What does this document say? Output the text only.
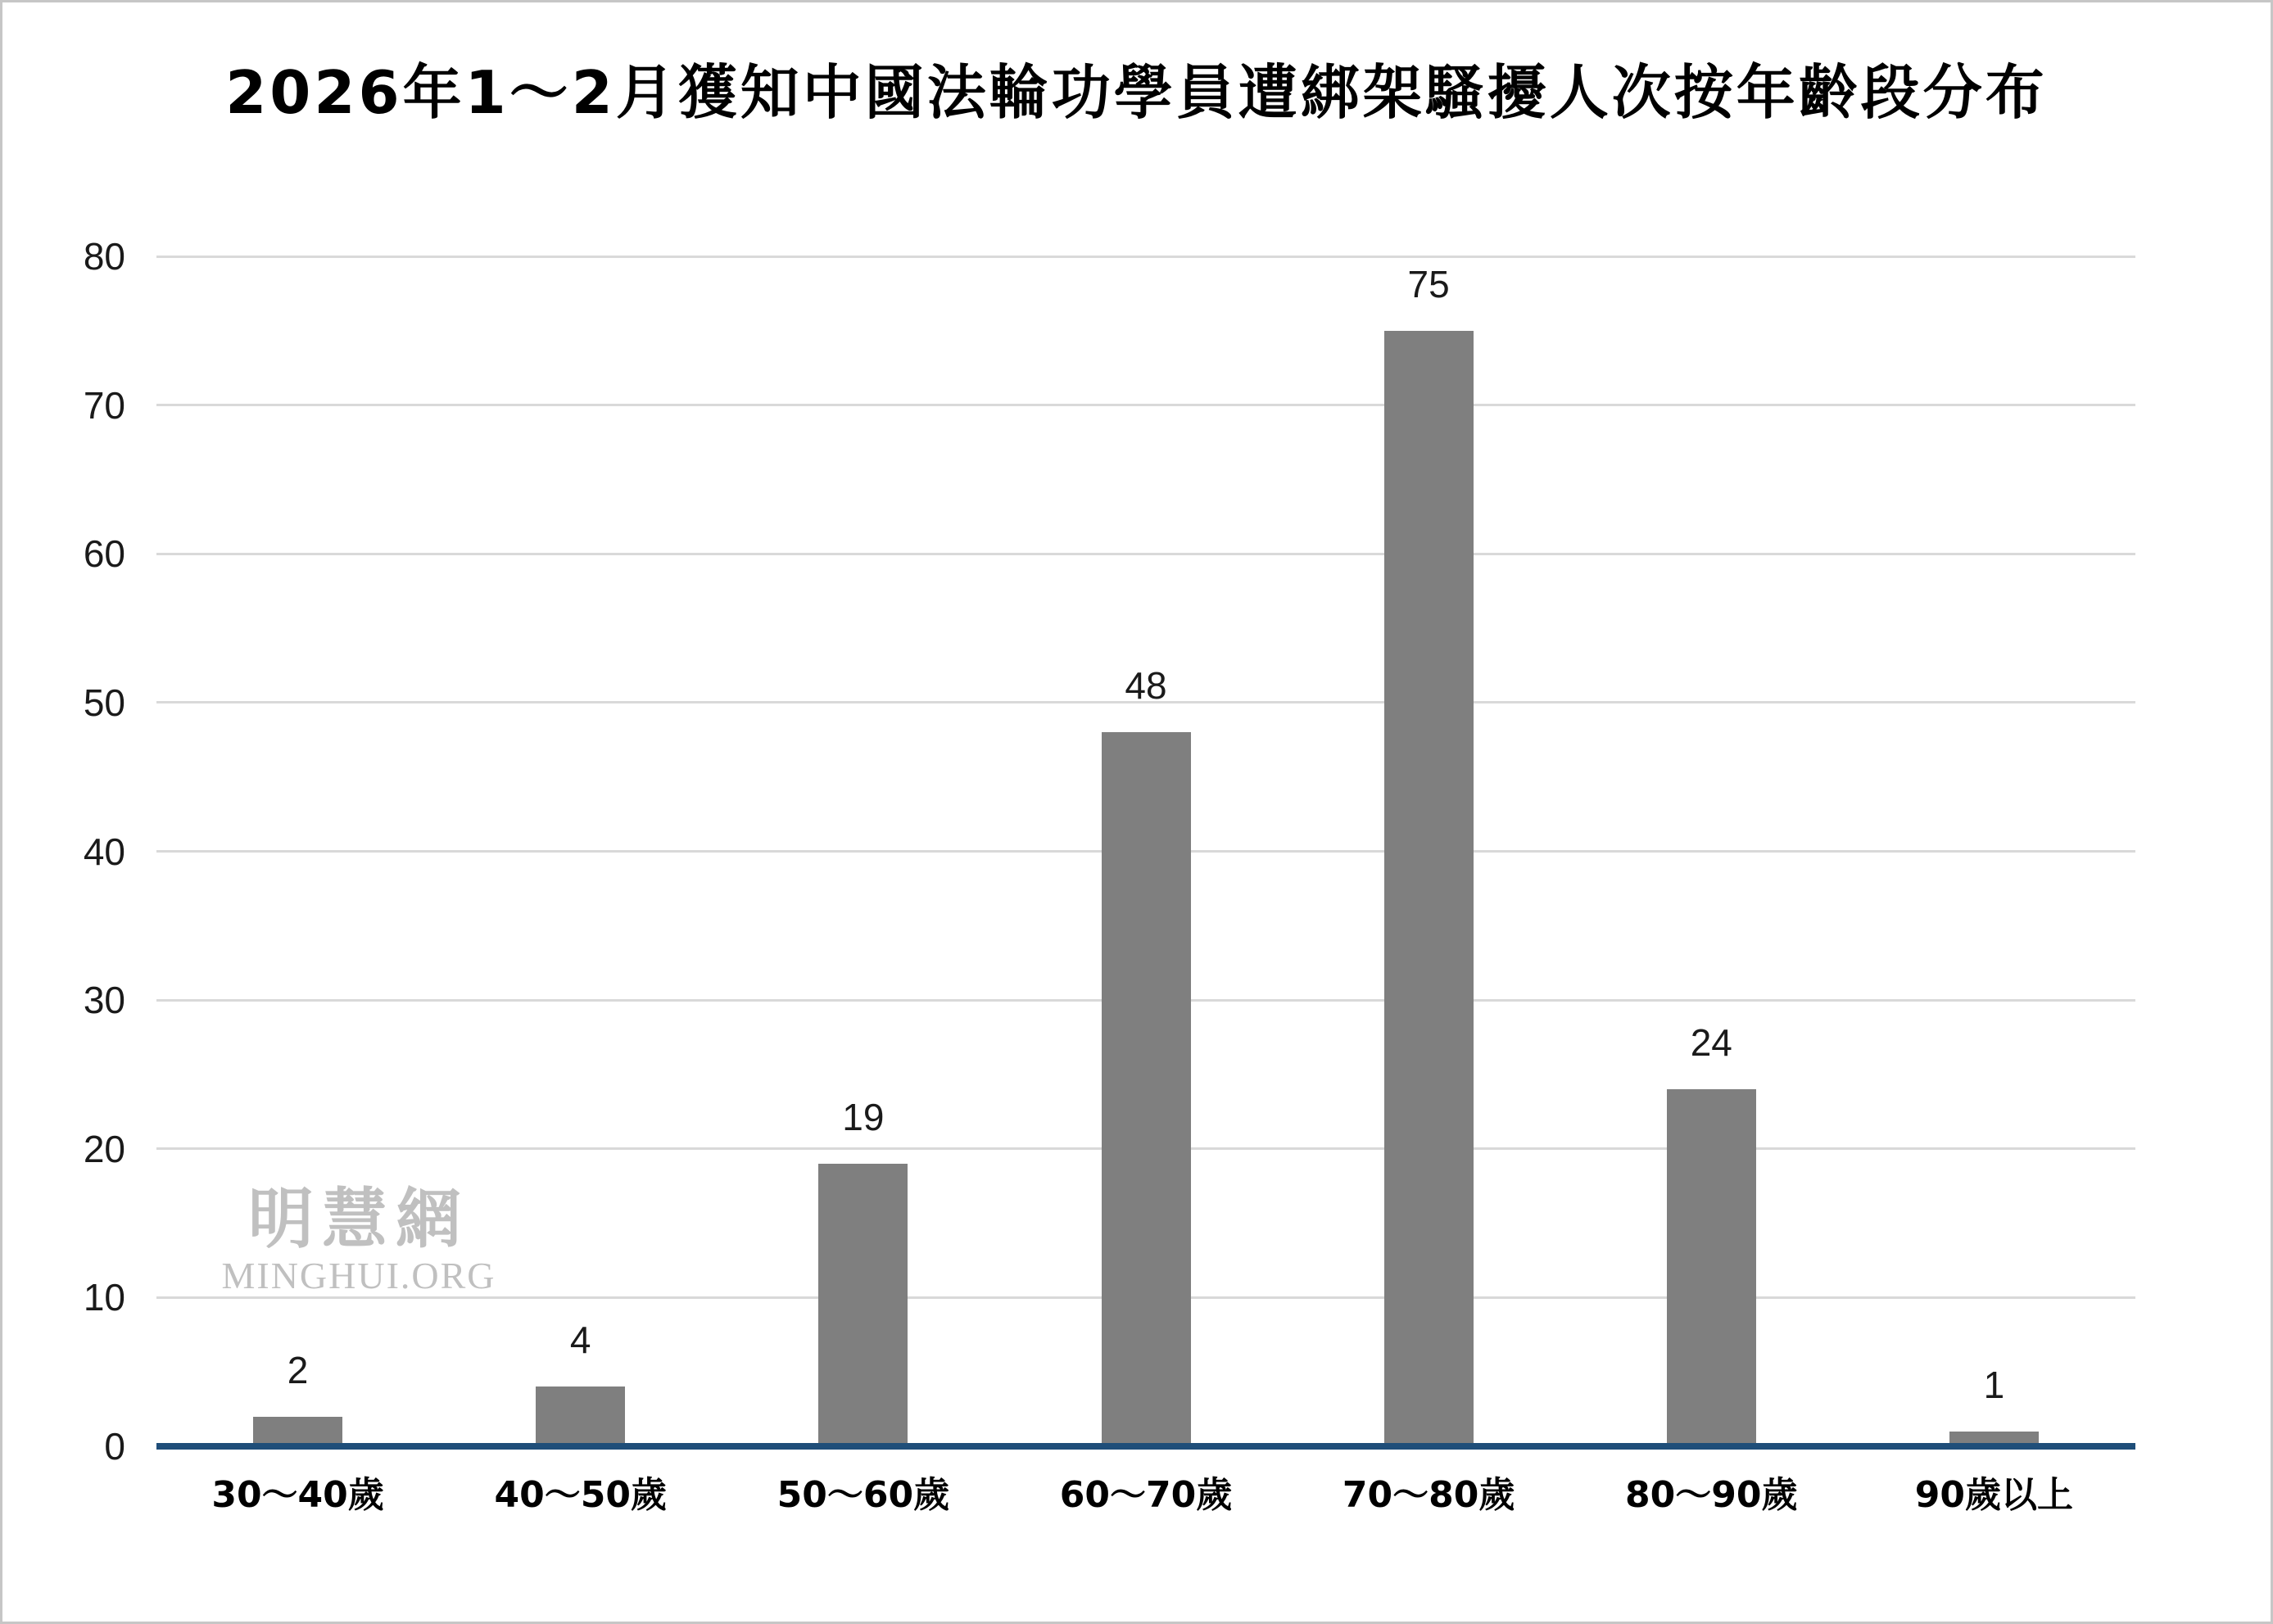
2026年1～2月獲知中國法輪功學員遭綁架騷擾人次按年齡段分布
明慧網
MINGHUI.ORG
0
10
20
30
40
50
60
70
80
2
30～40歲
4
40～50歲
19
50～60歲
48
60～70歲
75
70～80歲
24
80～90歲
1
90歲以上
